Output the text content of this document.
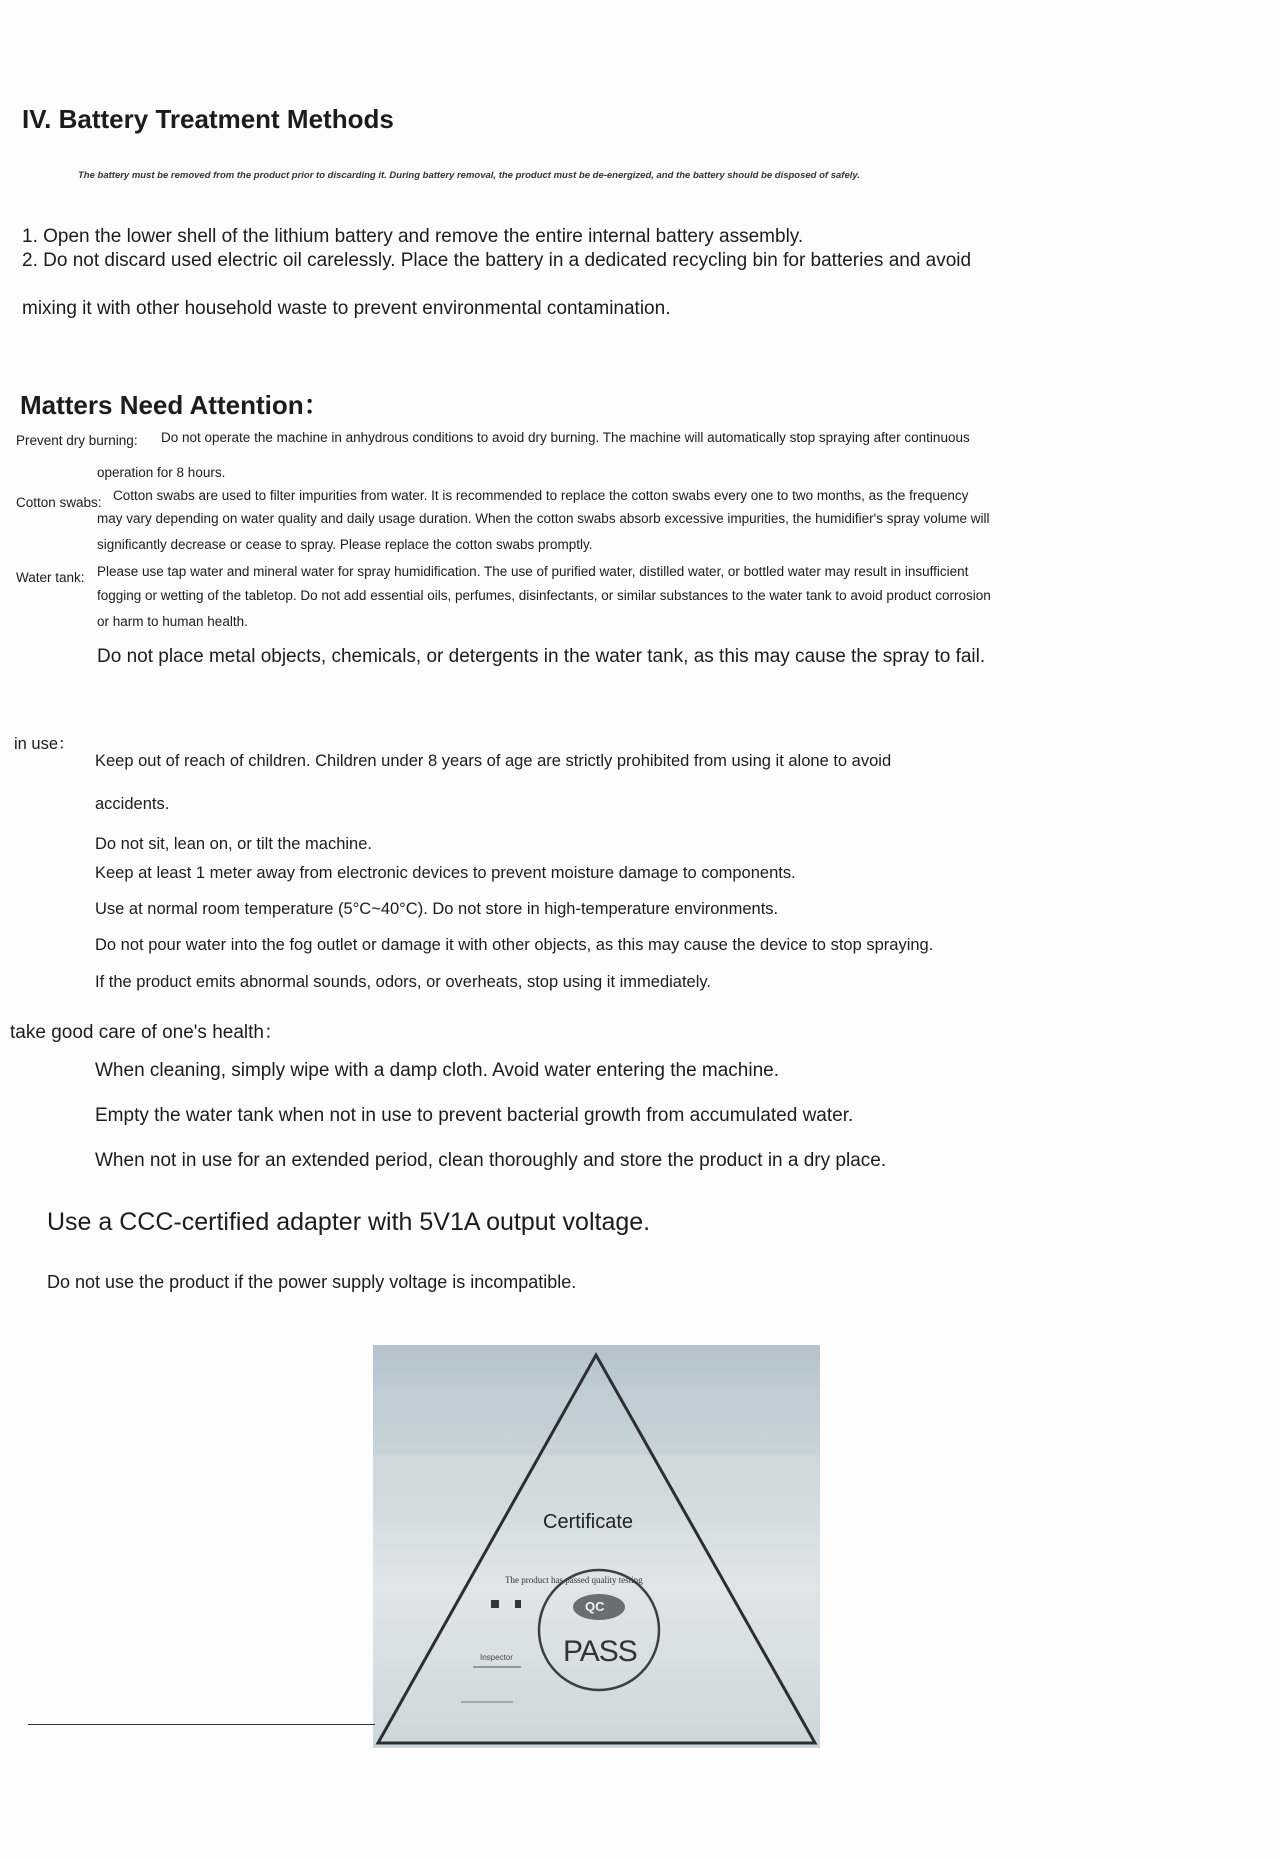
IV. Battery Treatment Methods
The battery must be removed from the product prior to discarding it. During battery removal, the product must be de-energized, and the battery should be disposed of safely.
1. Open the lower shell of the lithium battery and remove the entire internal battery assembly.
2. Do not discard used electric oil carelessly. Place the battery in a dedicated recycling bin for batteries and avoid
mixing it with other household waste to prevent environmental contamination.
Matters Need Attention：
Prevent dry burning: Do not operate the machine in anhydrous conditions to avoid dry burning. The machine will automatically stop spraying after continuous
operation for 8 hours.
Cotton swabs: Cotton swabs are used to filter impurities from water. It is recommended to replace the cotton swabs every one to two months, as the frequency
may vary depending on water quality and daily usage duration. When the cotton swabs absorb excessive impurities, the humidifier's spray volume will
significantly decrease or cease to spray. Please replace the cotton swabs promptly.
Water tank: Please use tap water and mineral water for spray humidification. The use of purified water, distilled water, or bottled water may result in insufficient
fogging or wetting of the tabletop. Do not add essential oils, perfumes, disinfectants, or similar substances to the water tank to avoid product corrosion
or harm to human health.
Do not place metal objects, chemicals, or detergents in the water tank, as this may cause the spray to fail.
in use：
Keep out of reach of children. Children under 8 years of age are strictly prohibited from using it alone to avoid
accidents.
Do not sit, lean on, or tilt the machine.
Keep at least 1 meter away from electronic devices to prevent moisture damage to components.
Use at normal room temperature (5°C~40°C). Do not store in high-temperature environments.
Do not pour water into the fog outlet or damage it with other objects, as this may cause the device to stop spraying.
If the product emits abnormal sounds, odors, or overheats, stop using it immediately.
take good care of one's health：
When cleaning, simply wipe with a damp cloth. Avoid water entering the machine.
Empty the water tank when not in use to prevent bacterial growth from accumulated water.
When not in use for an extended period, clean thoroughly and store the product in a dry place.
Use a CCC-certified adapter with 5V1A output voltage.
Do not use the product if the power supply voltage is incompatible.
Certificate
The product has passed quality testing
QC
PASS
Inspector
